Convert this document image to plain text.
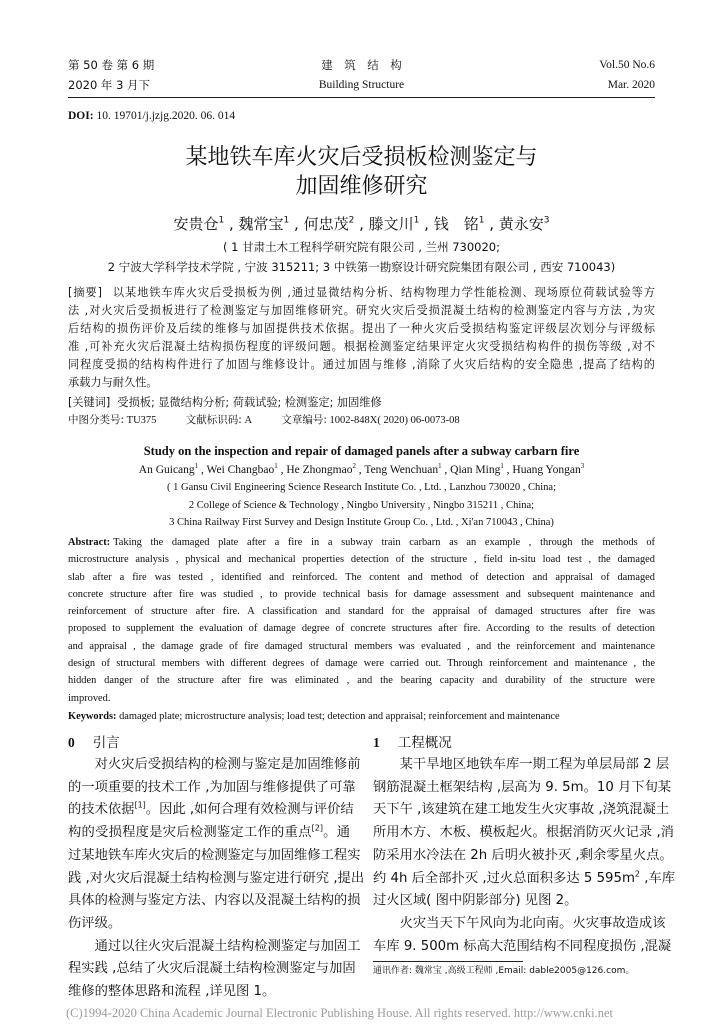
第 50 卷 第 6 期
2020 年 3 月下
建　筑　结　构
Building Structure
Vol.50 No.6
Mar. 2020
DOI: 10. 19701/j.jzjg.2020. 06. 014
某地铁车库火灾后受损板检测鉴定与
加固维修研究
安贵仓$^1$ , 魏常宝$^1$ , 何忠茂$^2$ , 滕文川$^1$ , 钱　铭$^1$ , 黄永安$^3$
( 1 甘肃土木工程科学研究院有限公司 , 兰州 730020;
2 宁波大学科学技术学院 , 宁波 315211; 3 中铁第一勘察设计研究院集团有限公司 , 西安 710043)
[摘要] 以某地铁车库火灾后受损板为例 ,通过显微结构分析、结构物理力学性能检测、现场原位荷载试验等方
法 ,对火灾后受损板进行了检测鉴定与加固维修研究。研究火灾后受损混凝土结构的检测鉴定内容与方法 ,为灾
后结构的损伤评价及后续的维修与加固提供技术依据。提出了一种火灾后受损结构鉴定评级层次划分与评级标
准 ,可补充火灾后混凝土结构损伤程度的评级问题。根据检测鉴定结果评定火灾受损结构构件的损伤等级 ,对不
同程度受损的结构构件进行了加固与维修设计。通过加固与维修 ,消除了火灾后结构的安全隐患 ,提高了结构的
承载力与耐久性。
[关键词] 受损板; 显微结构分析; 荷载试验; 检测鉴定; 加固维修
中图分类号: TU375	文献标识码: A	文章编号: 1002-848X( 2020) 06-0073-08
Study on the inspection and repair of damaged panels after a subway carbarn fire
An Guicang$^1$ , Wei Changbao$^1$ , He Zhongmao$^2$ , Teng Wenchuan$^1$ , Qian Ming$^1$ , Huang Yongan$^3$
( 1 Gansu Civil Engineering Science Research Institute Co. , Ltd. , Lanzhou 730020 , China;
2 College of Science & Technology , Ningbo University , Ningbo 315211 , China;
3 China Railway First Survey and Design Institute Group Co. , Ltd. , Xi'an 710043 , China)
Abstract: Taking the damaged plate after a fire in a subway train carbarn as an example , through the methods of
microstructure analysis , physical and mechanical properties detection of the structure , field in-situ load test , the damaged
slab after a fire was tested , identified and reinforced. The content and method of detection and appraisal of damaged
concrete structure after fire was studied , to provide technical basis for damage assessment and subsequent maintenance and
reinforcement of structure after fire. A classification and standard for the appraisal of damaged structures after fire was
proposed to supplement the evaluation of damage degree of concrete structures after fire. According to the results of detection
and appraisal , the damage grade of fire damaged structural members was evaluated , and the reinforcement and maintenance
design of structural members with different degrees of damage were carried out. Through reinforcement and maintenance , the
hidden danger of the structure after fire was eliminated , and the bearing capacity and durability of the structure were
improved.
Keywords: damaged plate; microstructure analysis; load test; detection and appraisal; reinforcement and maintenance
0 引言
　　对火灾后受损结构的检测与鉴定是加固维修前
的一项重要的技术工作 ,为加固与维修提供了可靠
的技术依据[1]。因此 ,如何合理有效检测与评价结
构的受损程度是灾后检测鉴定工作的重点[2]。通
过某地铁车库火灾后的检测鉴定与加固维修工程实
践 ,对火灾后混凝土结构检测与鉴定进行研究 ,提出
具体的检测与鉴定方法、内容以及混凝土结构的损
伤评级。
　　通过以往火灾后混凝土结构检测鉴定与加固工
程实践 ,总结了火灾后混凝土结构检测鉴定与加固
维修的整体思路和流程 ,详见图 1。
1 工程概况
　　某干旱地区地铁车库一期工程为单层局部 2 层
钢筋混凝土框架结构 ,层高为 9. 5m。10 月下旬某
天下午 ,该建筑在建工地发生火灾事故 ,浇筑混凝土
所用木方、木板、模板起火。根据消防灭火记录 ,消
防采用水冷法在 2h 后明火被扑灭 ,剩余零星火点。
约 4h 后全部扑灭 ,过火总面积多达 5 $595m^2$ ,车库
过火区域( 图中阴影部分) 见图 2。
　　火灾当天下午风向为北向南。火灾事故造成该
车库 9. 500m 标高大范围结构不同程度损伤 ,混凝
通讯作者: 魏常宝 ,高级工程师 ,Email: dable2005@126.com。
(C)1994-2020 China Academic Journal Electronic Publishing House. All rights reserved. http://www.cnki.net
